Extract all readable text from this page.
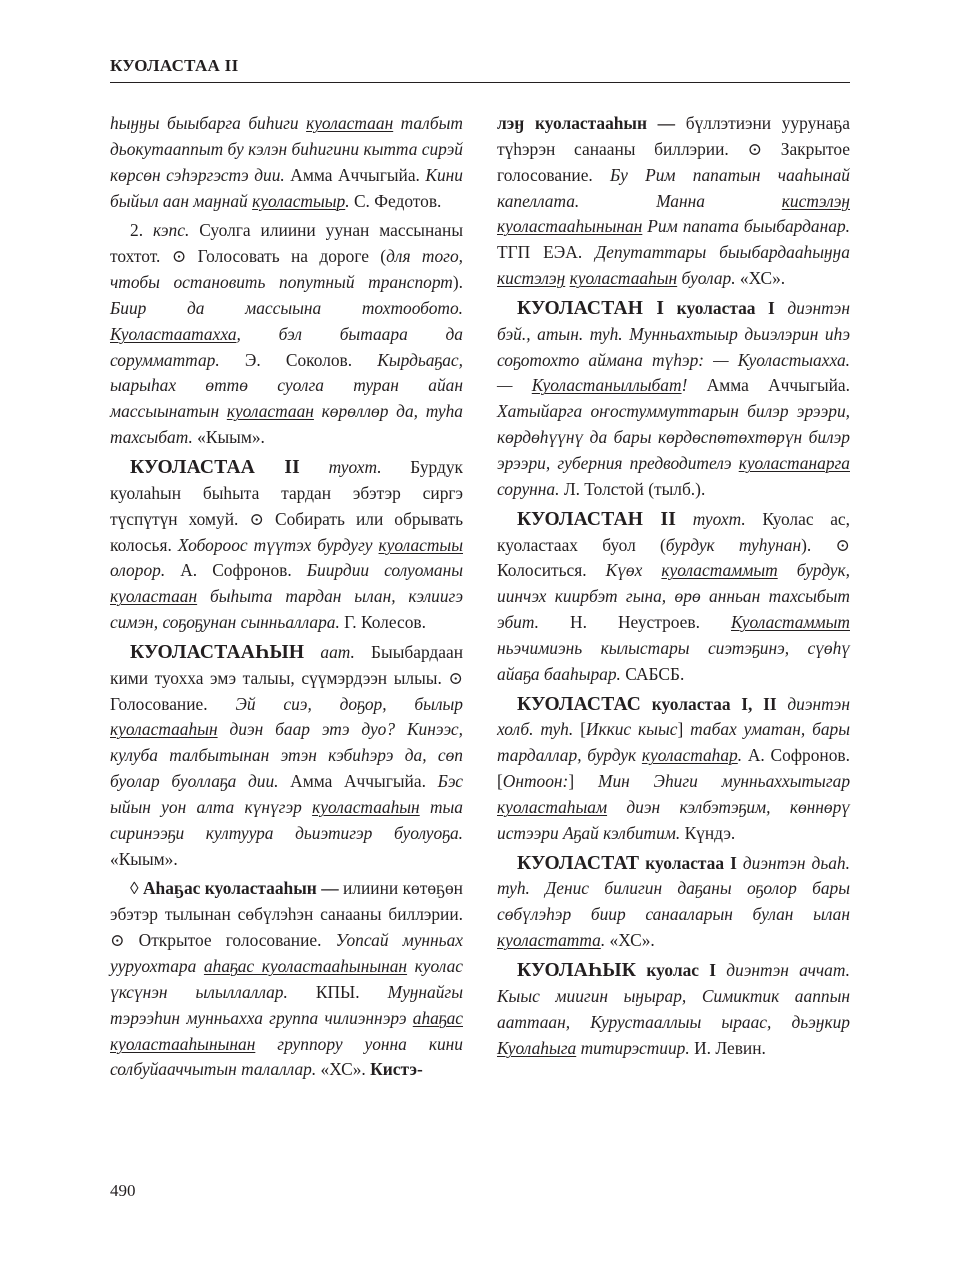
КУОЛАСТАА II

һыӈӈы быыбарга биһиги куоластаан талбыт дьокутааппыт бу кэлэн биһигини кытта сирэй көрсөн сэһэргэстэ дии. Амма Аччыгыйа. Кини быйыл аан маӈнай куоластыыр. С. Федотов.

2. кэпс. Суолга илиини уунан массынаны тохтот. ⊙ Голосовать на дороге (для того, чтобы остановить попутный транспорт). Биир да массыына тохтообото. Куоластаатахха, бэл бытаара да сорумматтар. Э. Соколов. Кырдьаҕас, ыарыһах өттө суолга туран айан массыынатын куоластаан көрөллөр да, туһа тахсыбат. «Кыым».

КУОЛАСТАА II туохт. Бурдук куолаһын быһыта тардан эбэтэр сиргэ түспүтүн хомуй. ⊙ Собирать или обрывать колосья. Хобороос түүтэх бурдугу куоластыы олорор. А. Софронов. Биирдии солуоманы куоластаан быһыта тардан ылан, кэлиигэ симэн, соҕоҕунан сынньаллара. Г. Колесов.

КУОЛАСТААҺЫН аат. Быыбардаан кими туохха эмэ талыы, сүүмэрдээн ылыы. ⊙ Голосование. Эй сиэ, доҕор, былыр куоластааһын диэн баар этэ дуо? Кинээс, кулуба талбытынан этэн кэбиһэрэ да, сөп буолар буоллаҕа дии. Амма Аччыгыйа. Бэс ыйын уон алта күнүгэр куоластааһын тыа сиринээҕи култуура дьиэтигэр буолуоҕа. «Кыым».

◊ Аһаҕас куоластааһын — илиини көтөҕөн эбэтэр тылынан сөбүлэһэн санааны биллэрии. ⊙ Открытое голосование. Уопсай мунньах ууруохтара аһаҕас куоластааһынынан куолас үксүнэн ылыллаллар. КПЫ. Муӈнайгы тэрээһин мунньахха группа чилиэннэрэ аһаҕас куоластааһынынан группору уонна кини солбуйааччытын талаллар. «ХС». Кистэ-

лэӈ куоластааһын — бүллэтиэни уурунаҕа түһэрэн санааны биллэрии. ⊙ Закрытое голосование. Бу Рим папатын чааһынай капеллата. Манна кистэлэӈ куоластааһынынан Рим папата быыбарданар. ТГП ЕЭА. Депутаттары быыбардааһыӈӈа кистэлэӈ куоластааһын буолар. «ХС».

КУОЛАСТАН I куоластаа I диэнтэн бэй., атын. туһ. Мунньахтыыр дьиэлэрин иһэ соҕотохто аймана түһэр: — Куоластыахха. — Куоластаныллыбат! Амма Аччыгыйа. Хатыйарга оҥостуммуттарын билэр эрээри, көрдөһүүнү да бары көрдөспөтөхтөрүн билэр эрээри, губерния предводителэ куоластанарга сорунна. Л. Толстой (тылб.).

КУОЛАСТАН II туохт. Куолас ас, куоластаах буол (бурдук туһунан). ⊙ Колоситься. Күөх куоластаммыт бурдук, иинчэх киирбэт гына, өрө анньан тахсыбыт эбит. Н. Неустроев. Куоластаммыт ньэчимиэнь кылыстары сиэтэҕинэ, сүөһү айаҕа бааһырар. САБСБ.

КУОЛАСТАС куоластаа I, II диэнтэн холб. туһ. [Иккис кыыс] табах уматан, бары тардаллар, бурдук куоластаһар. А. Софронов. [Онтоон:] Мин Эһиги мунньаххытыгар куоластаһыам диэн кэлбэтэҕим, көннөрү истээри Аҕай кэлбитим. Күндэ.

КУОЛАСТАТ куоластаа I диэнтэн дьаһ. туһ. Денис билигин даҕаны оҕолор бары сөбүлэһэр биир санааларын булан ылан куоластатта. «ХС».

КУОЛАҺЫК куолас I диэнтэн аччат. Кыыс миигин ыӈырар, Симиктик ааппын ааттаан, Курустааллыы ыраас, дьэӈкир Куолаһыга титирэстиир. И. Левин.

490
